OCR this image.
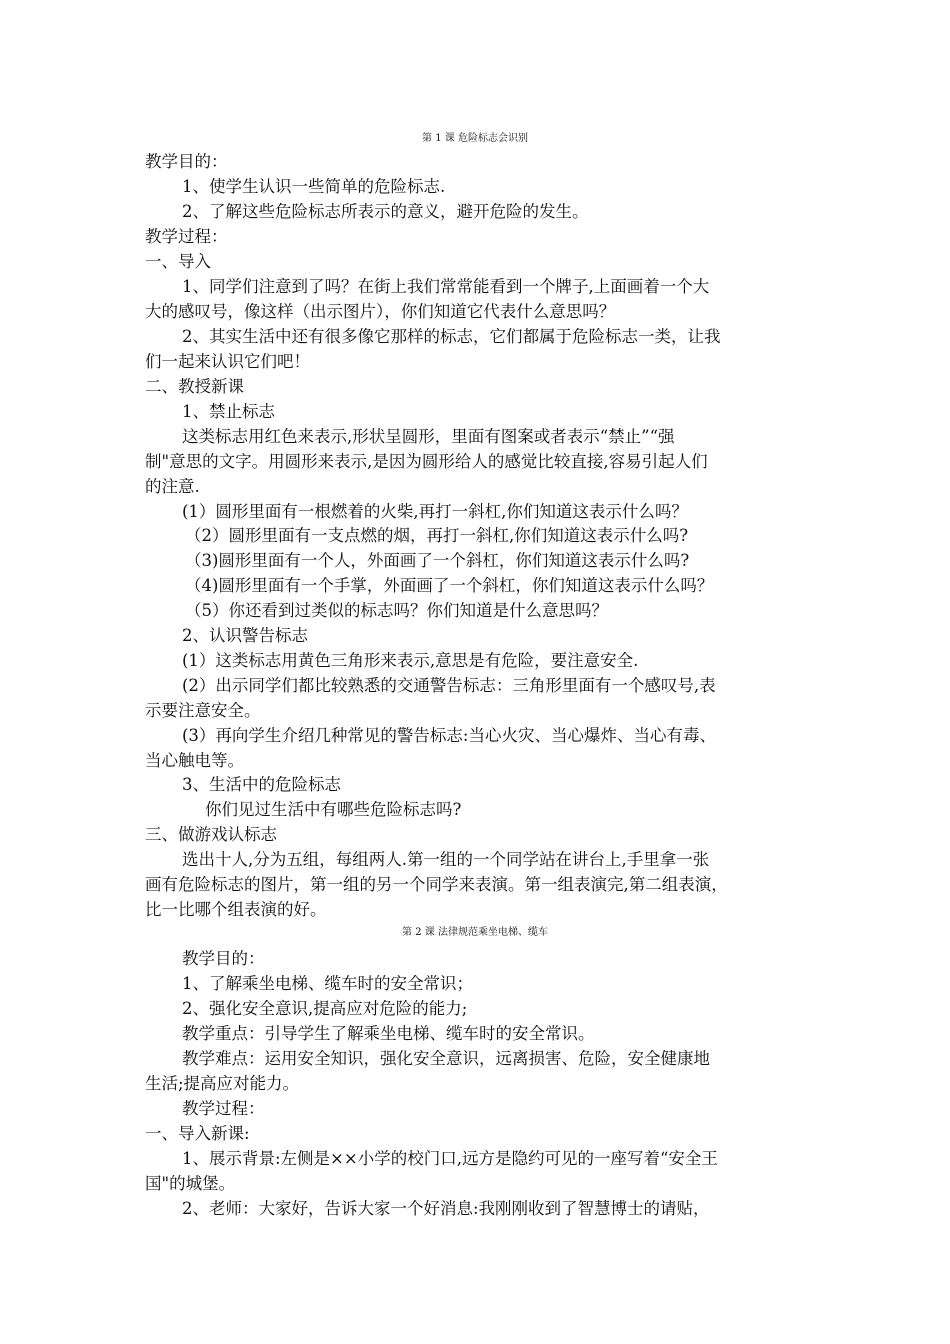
第 1 课 危险标志会识别
教学目的：
1、使学生认识一些简单的危险标志.
2、了解这些危险标志所表示的意义，避开危险的发生。
教学过程：
一、导入
1、同学们注意到了吗？在街上我们常常能看到一个牌子,上面画着一个大
大的感叹号，像这样（出示图片），你们知道它代表什么意思吗？
2、其实生活中还有很多像它那样的标志，它们都属于危险标志一类，让我
们一起来认识它们吧！
二、教授新课
1、禁止标志
这类标志用红色来表示,形状呈圆形，里面有图案或者表示“禁止”“强
制"意思的文字。用圆形来表示,是因为圆形给人的感觉比较直接,容易引起人们
的注意.
(1）圆形里面有一根燃着的火柴,再打一斜杠,你们知道这表示什么吗？
（2）圆形里面有一支点燃的烟，再打一斜杠,你们知道这表示什么吗?
（3)圆形里面有一个人，外面画了一个斜杠，你们知道这表示什么吗?
（4)圆形里面有一个手掌，外面画了一个斜杠，你们知道这表示什么吗？
（5）你还看到过类似的标志吗？你们知道是什么意思吗？
2、认识警告标志
(1）这类标志用黄色三角形来表示,意思是有危险，要注意安全.
(2）出示同学们都比较熟悉的交通警告标志：三角形里面有一个感叹号,表
示要注意安全。
(3）再向学生介绍几种常见的警告标志:当心火灾、当心爆炸、当心有毒、
当心触电等。
3、生活中的危险标志
你们见过生活中有哪些危险标志吗?
三、做游戏认标志
选出十人,分为五组，每组两人.第一组的一个同学站在讲台上,手里拿一张
画有危险标志的图片，第一组的另一个同学来表演。第一组表演完,第二组表演，
比一比哪个组表演的好。
第 2 课 法律规范乘坐电梯、缆车
教学目的：
1、了解乘坐电梯、缆车时的安全常识；
2、强化安全意识,提高应对危险的能力;
教学重点：引导学生了解乘坐电梯、缆车时的安全常识。
教学难点：运用安全知识，强化安全意识，远离损害、危险，安全健康地
生活;提高应对能力。
教学过程：
一、导入新课:
1、展示背景:左侧是××小学的校门口,远方是隐约可见的一座写着“安全王
国"的城堡。
2、老师：大家好，告诉大家一个好消息:我刚刚收到了智慧博士的请贴，
